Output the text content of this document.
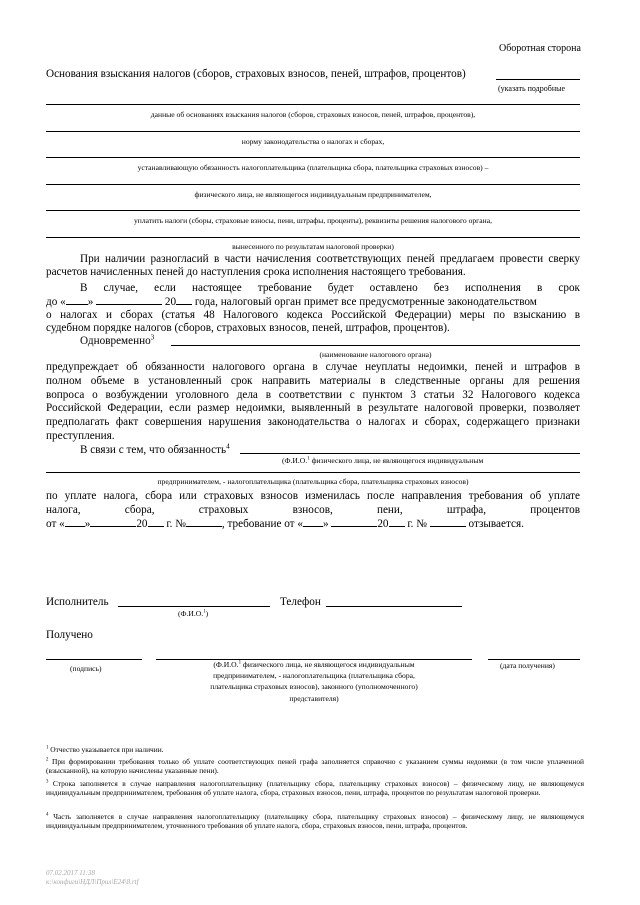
Оборотная сторона
Основания взыскания налогов (сборов, страховых взносов, пеней, штрафов, процентов)
(указать подробные
данные об основаниях взыскания налогов (сборов, страховых взносов, пеней, штрафов, процентов),
норму законодательства о налогах и сборах,
устанавливающую обязанность налогоплательщика (плательщика сбора, плательщика страховых взносов) –
физического лица, не являющегося индивидуальным предпринимателем,
уплатить налоги (сборы, страховые взносы, пени, штрафы, проценты), реквизиты решения налогового органа,
вынесенного по результатам налоговой проверки)
При наличии разногласий в части начисления соответствующих пеней предлагаем провести сверку
расчетов начисленных пеней до наступления срока исполнения настоящего требования.
В случае, если настоящее требование будет оставлено без исполнения в срок
до « »	20 года, налоговый орган примет все предусмотренные законодательством
о налогах и сборах (статья 48 Налогового кодекса Российской Федерации) меры по взысканию в
судебном порядке налогов (сборов, страховых взносов, пеней, штрафов, процентов).
Одновременно$^3$
(наименование налогового органа)
предупреждает об обязанности налогового органа в случае неуплаты недоимки, пеней и штрафов в
полном объеме в установленный срок направить материалы в следственные органы для решения
вопроса о возбуждении уголовного дела в соответствии с пунктом 3 статьи 32 Налогового кодекса
Российской Федерации, если размер недоимки, выявленный в результате налоговой проверки, позволяет
предполагать факт совершения нарушения законодательства о налогах и сборах, содержащего признаки
преступления.
В связи с тем, что обязанность$^4$
(Ф.И.О.$^1$ физического лица, не являющегося индивидуальным
предпринимателем, - налогоплательщика (плательщика сбора, плательщика страховых взносов)
по уплате налога, сбора или страховых взносов изменилась после направления требования об уплате
налога,	сбора,	страховых	взносов,	пени,	штрафа,	процентов
от « »	20 г. №	, требование от « »	20 г. №	отзывается.
Исполнитель
(Ф.И.О.$^1$)
Телефон
Получено
(подпись)	(Ф.И.О.$^1$ физического лица, не являющегося индивидуальным
предпринимателем, - налогоплательщика (плательщика сбора,
плательщика страховых взносов), законного (уполномоченного)
представителя)
(дата получения)
$^1$ Отчество указывается при наличии.
$^2$ При формировании требования только об уплате соответствующих пеней графа заполняется справочно с указанием суммы недоимки (в том числе уплаченной (взысканной), на которую начислены указанные пени).
$^3$ Строка заполняется в случае направления налогоплательщику (плательщику сбора, плательщику страховых взносов) – физическому лицу, не являющемуся индивидуальным предпринимателем, требования об уплате налога, сбора, страховых взносов, пени, штрафа, процентов по результатам налоговой проверки.
$^4$ Часть заполняется в случае направления налогоплательщику (плательщику сбора, плательщику страховых взносов) – физическому лицу, не являющемуся индивидуальным предпринимателем, уточненного требования об уплате налога, сбора, страховых взносов, пени, штрафа, процентов.
07.02.2017 11:38
к:\конфиги\НДЛ\Прил\E24\8.rtf
